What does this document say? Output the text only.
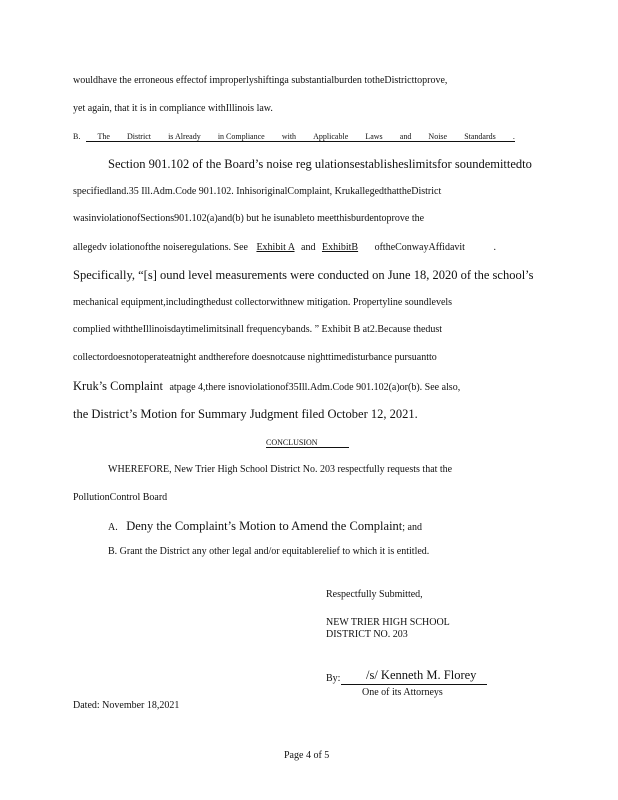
wouldhave the erroneous effectof improperlyshiftinga substantialburden totheDistricttoprove,
yet again, that it is in compliance withIllinois law.
B. The District is Already in Compliance with Applicable Laws and Noise Standards .
Section 901.102 of the Board’s noise reg ulationsestablisheslimitsfor soundemittedto
specifiedland.35 Ill.Adm.Code 901.102. InhisoriginalComplaint, KrukallegedthattheDistrict
wasinviolationofSections901.102(a)and(b) but he isunableto meetthisburdentoprove the
allegedv iolationofthe noiseregulations. See Exhibit A and ExhibitB oftheConwayAffidavit	.
Specifically, “[s] ound level measurements were conducted on June 18, 2020 of the school’s
mechanical equipment,includingthedust collectorwithnew mitigation. Propertyline soundlevels
complied withtheIllinoisdaytimelimitsinall frequencybands. ” Exhibit B at2.Because thedust
collectordoesnotoperateatnight andtherefore doesnotcause nighttimedisturbance pursuantto
Kruk’s Complaint atpage 4,there isnoviolationof35Ill.Adm.Code 901.102(a)or(b). See also,
the District’s Motion for Summary Judgment filed October 12, 2021.
CONCLUSION
WHEREFORE, New Trier High School District No. 203 respectfully requests that the
PollutionControl Board
A. Deny the Complaint’s Motion to Amend the Complaint; and
B. Grant the District any other legal and/or equitablerelief to which it is entitled.
Respectfully Submitted,
NEW TRIER HIGH SCHOOL
DISTRICT NO. 203
By: /s/ Kenneth M. Florey
One of its Attorneys
Dated: November 18,2021
Page 4 of 5
